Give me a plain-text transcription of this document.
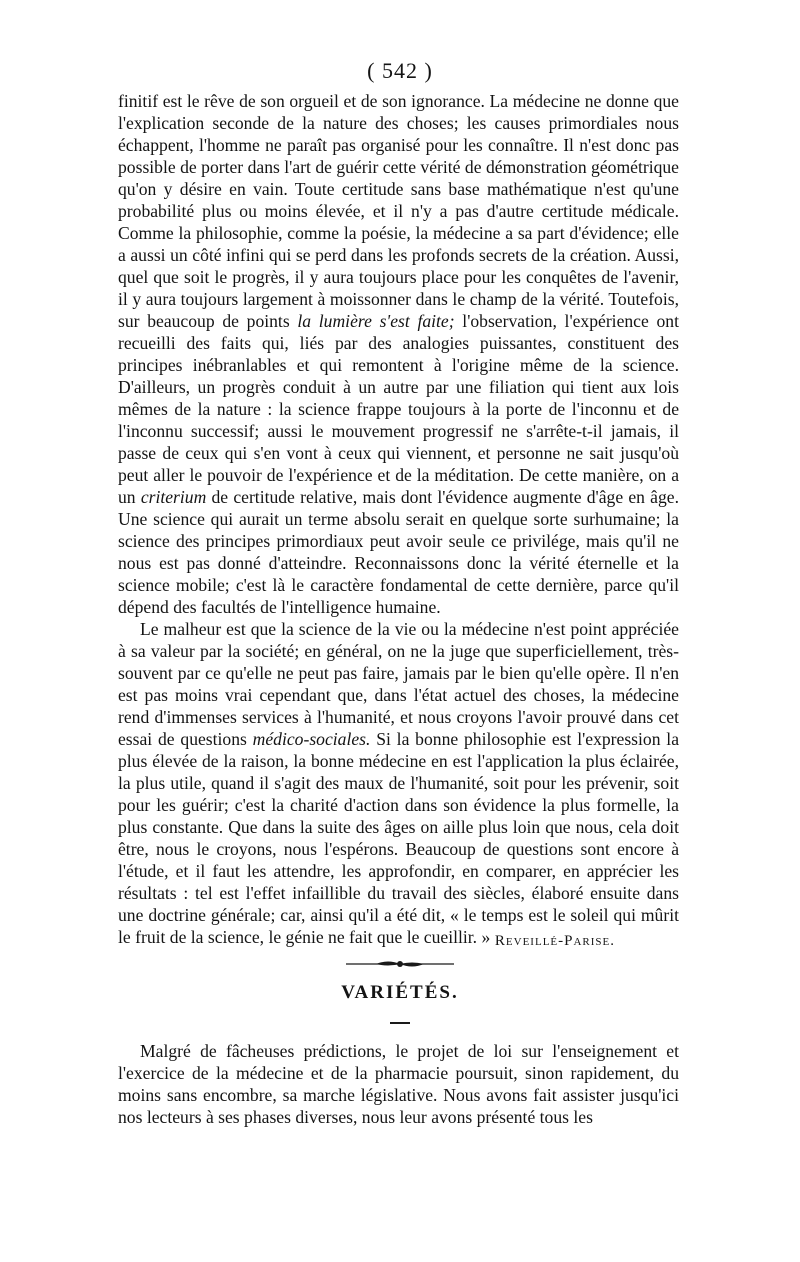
( 542 )

finitif est le rêve de son orgueil et de son ignorance. La médecine ne donne que l'explication seconde de la nature des choses; les causes primordiales nous échappent, l'homme ne paraît pas organisé pour les connaître. Il n'est donc pas possible de porter dans l'art de guérir cette vérité de démonstration géométrique qu'on y désire en vain. Toute certitude sans base mathématique n'est qu'une probabilité plus ou moins élevée, et il n'y a pas d'autre certitude médicale. Comme la philosophie, comme la poésie, la médecine a sa part d'évidence; elle a aussi un côté infini qui se perd dans les profonds secrets de la création. Aussi, quel que soit le progrès, il y aura toujours place pour les conquêtes de l'avenir, il y aura toujours largement à moissonner dans le champ de la vérité. Toutefois, sur beaucoup de points la lumière s'est faite; l'observation, l'expérience ont recueilli des faits qui, liés par des analogies puissantes, constituent des principes inébranlables et qui remontent à l'origine même de la science. D'ailleurs, un progrès conduit à un autre par une filiation qui tient aux lois mêmes de la nature : la science frappe toujours à la porte de l'inconnu et de l'inconnu successif; aussi le mouvement progressif ne s'arrête-t-il jamais, il passe de ceux qui s'en vont à ceux qui viennent, et personne ne sait jusqu'où peut aller le pouvoir de l'expérience et de la méditation. De cette manière, on a un criterium de certitude relative, mais dont l'évidence augmente d'âge en âge. Une science qui aurait un terme absolu serait en quelque sorte surhumaine; la science des principes primordiaux peut avoir seule ce privilége, mais qu'il ne nous est pas donné d'atteindre. Reconnaissons donc la vérité éternelle et la science mobile; c'est là le caractère fondamental de cette dernière, parce qu'il dépend des facultés de l'intelligence humaine.

Le malheur est que la science de la vie ou la médecine n'est point appréciée à sa valeur par la société; en général, on ne la juge que superficiellement, très-souvent par ce qu'elle ne peut pas faire, jamais par le bien qu'elle opère. Il n'en est pas moins vrai cependant que, dans l'état actuel des choses, la médecine rend d'immenses services à l'humanité, et nous croyons l'avoir prouvé dans cet essai de questions médico-sociales. Si la bonne philosophie est l'expression la plus élevée de la raison, la bonne médecine en est l'application la plus éclairée, la plus utile, quand il s'agit des maux de l'humanité, soit pour les prévenir, soit pour les guérir; c'est la charité d'action dans son évidence la plus formelle, la plus constante. Que dans la suite des âges on aille plus loin que nous, cela doit être, nous le croyons, nous l'espérons. Beaucoup de questions sont encore à l'étude, et il faut les attendre, les approfondir, en comparer, en apprécier les résultats : tel est l'effet infaillible du travail des siècles, élaboré ensuite dans une doctrine générale; car, ainsi qu'il a été dit, « le temps est le soleil qui mûrit le fruit de la science, le génie ne fait que le cueillir. » Reveillé-Parise.
VARIÉTÉS.

Malgré de fâcheuses prédictions, le projet de loi sur l'enseignement et l'exercice de la médecine et de la pharmacie poursuit, sinon rapidement, du moins sans encombre, sa marche législative. Nous avons fait assister jusqu'ici nos lecteurs à ses phases diverses, nous leur avons présenté tous les
